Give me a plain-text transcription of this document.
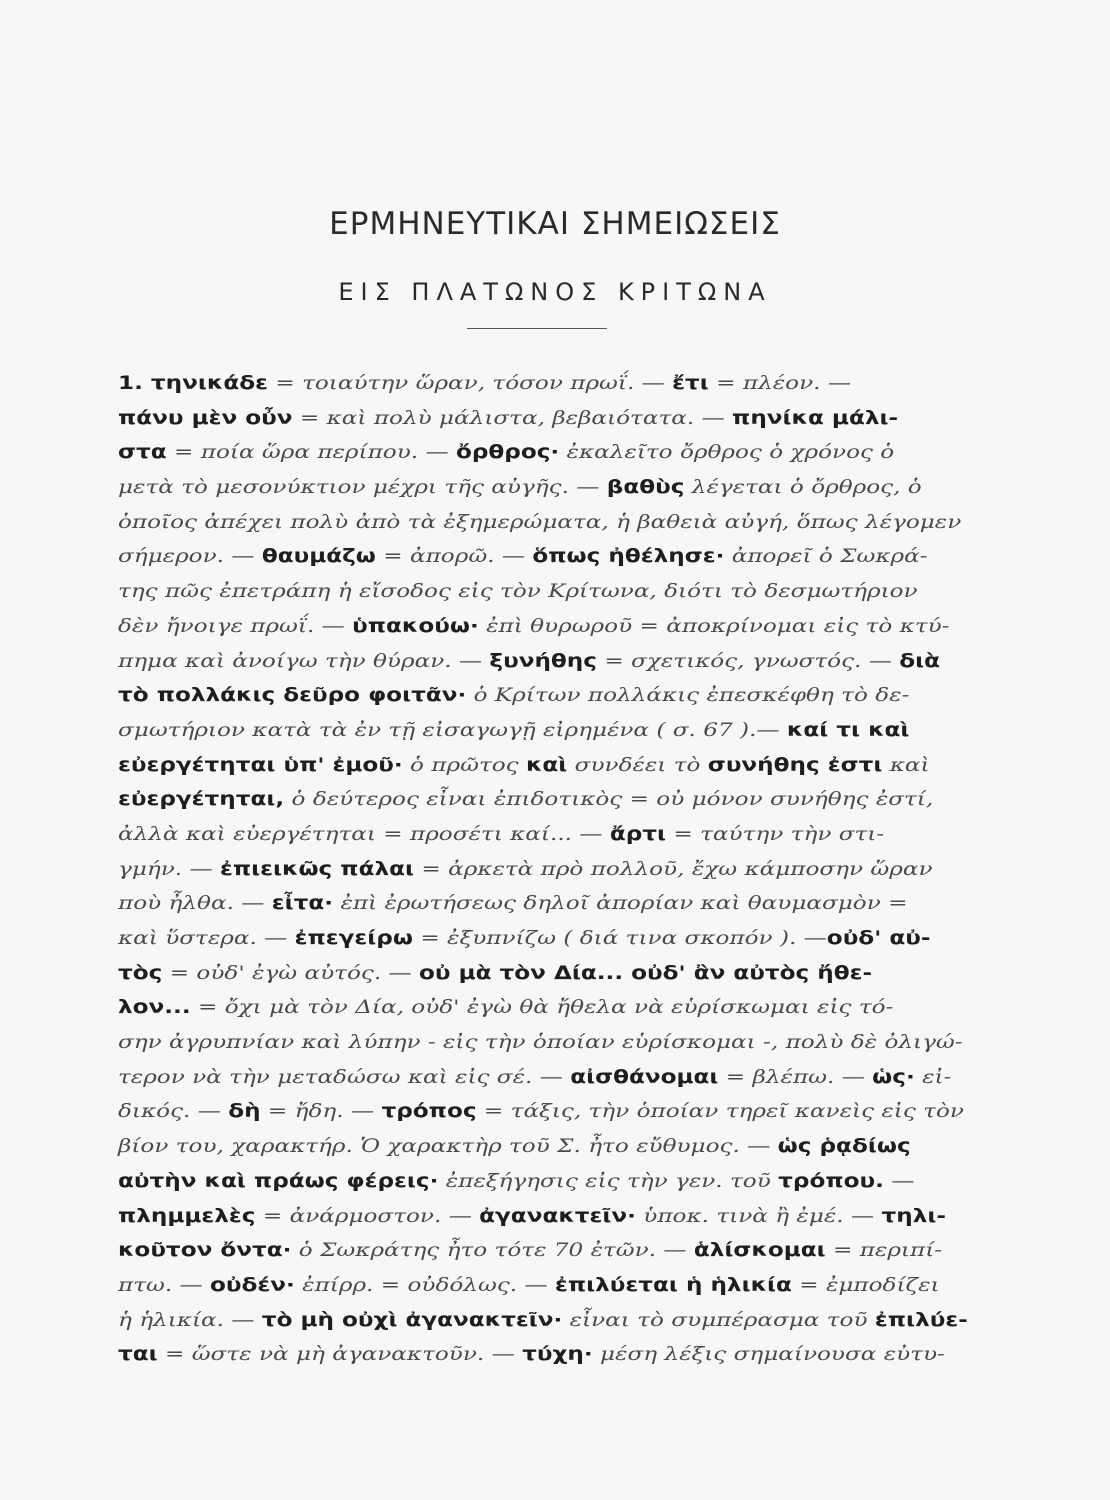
ΕΡΜΗΝΕΥΤΙΚΑΙ ΣΗΜΕΙΩΣΕΙΣ
ΕΙΣ ΠΛΑΤΩΝΟΣ ΚΡΙΤΩΝΑ
1. τηνικάδε = τοιαύτην ὥραν, τόσον πρωΐ. — ἔτι = πλέον. —
πάνυ μὲν οὖν = καὶ πολὺ μάλιστα, βεβαιότατα. — πηνίκα μάλι-
στα = ποία ὥρα περίπου. — ὄρθρος· ἐκαλεῖτο ὄρθρος ὁ χρόνος ὁ
μετὰ τὸ μεσονύκτιον μέχρι τῆς αὐγῆς. — βαθὺς λέγεται ὁ ὄρθρος, ὁ
ὁποῖος ἀπέχει πολὺ ἀπὸ τὰ ἐξημερώματα, ἡ βαθειὰ αὐγή, ὅπως λέγομεν
σήμερον. — θαυμάζω = ἀπορῶ. — ὅπως ἠθέλησε· ἀπορεῖ ὁ Σωκρά-
της πῶς ἐπετράπη ἡ εἴσοδος εἰς τὸν Κρίτωνα, διότι τὸ δεσμωτήριον
δὲν ἤνοιγε πρωΐ. — ὑπακούω· ἐπὶ θυρωροῦ = ἀποκρίνομαι εἰς τὸ κτύ-
πημα καὶ ἀνοίγω τὴν θύραν. — ξυνήθης = σχετικός, γνωστός. — διὰ
τὸ πολλάκις δεῦρο φοιτᾶν· ὁ Κρίτων πολλάκις ἐπεσκέφθη τὸ δε-
σμωτήριον κατὰ τὰ ἐν τῇ εἰσαγωγῇ εἰρημένα ( σ. 67 ).— καί τι καὶ
εὐεργέτηται ὑπ' ἐμοῦ· ὁ πρῶτος καὶ συνδέει τὸ συνήθης ἐστι καὶ
εὐεργέτηται, ὁ δεύτερος εἶναι ἐπιδοτικὸς = οὐ μόνον συνήθης ἐστί,
ἀλλὰ καὶ εὐεργέτηται = προσέτι καί... — ἄρτι = ταύτην τὴν στι-
γμήν. — ἐπιεικῶς πάλαι = ἀρκετὰ πρὸ πολλοῦ, ἔχω κάμποσην ὥραν
ποὺ ἦλθα. — εἶτα· ἐπὶ ἐρωτήσεως δηλοῖ ἀπορίαν καὶ θαυμασμὸν =
καὶ ὕστερα. — ἐπεγείρω = ἐξυπνίζω ( διά τινα σκοπόν ). —οὐδ' αὐ-
τὸς = οὐδ' ἐγὼ αὐτός. — οὐ μὰ τὸν Δία... οὐδ' ἂν αὐτὸς ἤθε-
λον... = ὄχι μὰ τὸν Δία, οὐδ' ἐγὼ θὰ ἤθελα νὰ εὑρίσκωμαι εἰς τό-
σην ἀγρυπνίαν καὶ λύπην - εἰς τὴν ὁποίαν εὑρίσκομαι -, πολὺ δὲ ὀλιγώ-
τερον νὰ τὴν μεταδώσω καὶ εἰς σέ. — αἰσθάνομαι = βλέπω. — ὡς· εἰ-
δικός. — δὴ = ἤδη. — τρόπος = τάξις, τὴν ὁποίαν τηρεῖ κανεὶς εἰς τὸν
βίον του, χαρακτήρ. Ὁ χαρακτὴρ τοῦ Σ. ἦτο εὔθυμος. — ὡς ῥᾳδίως
αὐτὴν καὶ πράως φέρεις· ἐπεξήγησις εἰς τὴν γεν. τοῦ τρόπου. —
πλημμελὲς = ἀνάρμοστον. — ἀγανακτεῖν· ὑποκ. τινὰ ἢ ἐμέ. — τηλι-
κοῦτον ὄντα· ὁ Σωκράτης ἦτο τότε 70 ἐτῶν. — ἁλίσκομαι = περιπί-
πτω. — οὐδέν· ἐπίρρ. = οὐδόλως. — ἐπιλύεται ἡ ἡλικία = ἐμποδίζει
ἡ ἡλικία. — τὸ μὴ οὐχὶ ἀγανακτεῖν· εἶναι τὸ συμπέρασμα τοῦ ἐπιλύε-
ται = ὥστε νὰ μὴ ἀγανακτοῦν. — τύχη· μέση λέξις σημαίνουσα εὐτυ-
